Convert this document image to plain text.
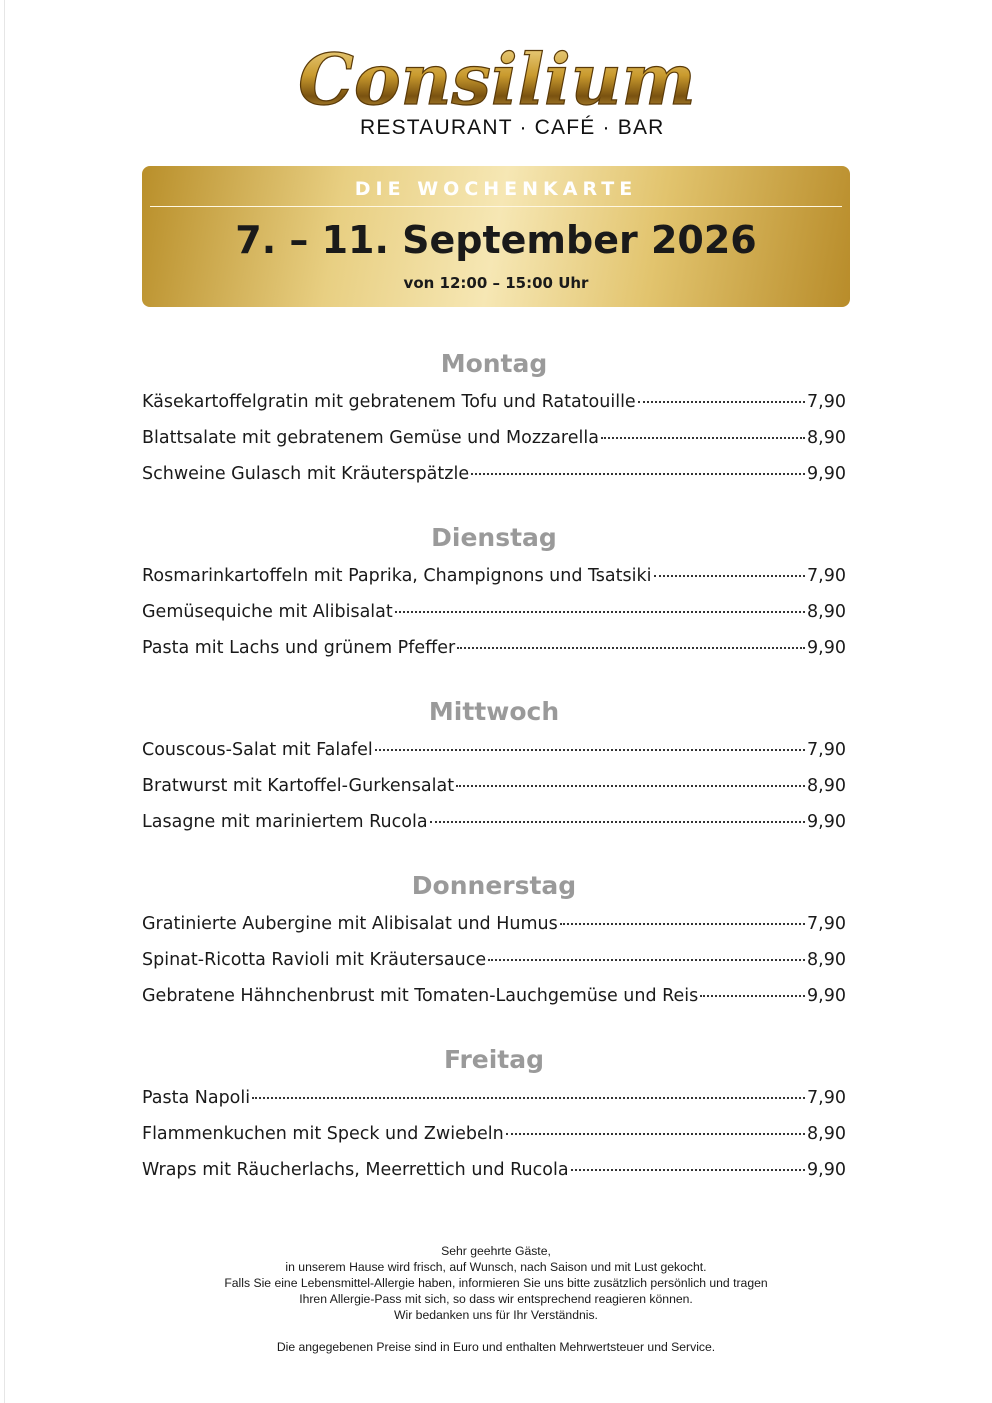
Consilium
RESTAURANT · CAFÉ · BAR
DIE WOCHENKARTE
7. – 11. September 2026
von 12:00 – 15:00 Uhr
Montag
Käsekartoffelgratin mit gebratenem Tofu und Ratatouille	7,90
Blattsalate mit gebratenem Gemüse und Mozzarella	8,90
Schweine Gulasch mit Kräuterspätzle	9,90
Dienstag
Rosmarinkartoffeln mit Paprika, Champignons und Tsatsiki	7,90
Gemüsequiche mit Alibisalat	8,90
Pasta mit Lachs und grünem Pfeffer	9,90
Mittwoch
Couscous-Salat mit Falafel	7,90
Bratwurst mit Kartoffel-Gurkensalat	8,90
Lasagne mit mariniertem Rucola	9,90
Donnerstag
Gratinierte Aubergine mit Alibisalat und Humus	7,90
Spinat-Ricotta Ravioli mit Kräutersauce	8,90
Gebratene Hähnchenbrust mit Tomaten-Lauchgemüse und Reis	9,90
Freitag
Pasta Napoli	7,90
Flammenkuchen mit Speck und Zwiebeln	8,90
Wraps mit Räucherlachs, Meerrettich und Rucola	9,90
Sehr geehrte Gäste,
in unserem Hause wird frisch, auf Wunsch, nach Saison und mit Lust gekocht.
Falls Sie eine Lebensmittel-Allergie haben, informieren Sie uns bitte zusätzlich persönlich und tragen
Ihren Allergie-Pass mit sich, so dass wir entsprechend reagieren können.
Wir bedanken uns für Ihr Verständnis.
Die angegebenen Preise sind in Euro und enthalten Mehrwertsteuer und Service.
